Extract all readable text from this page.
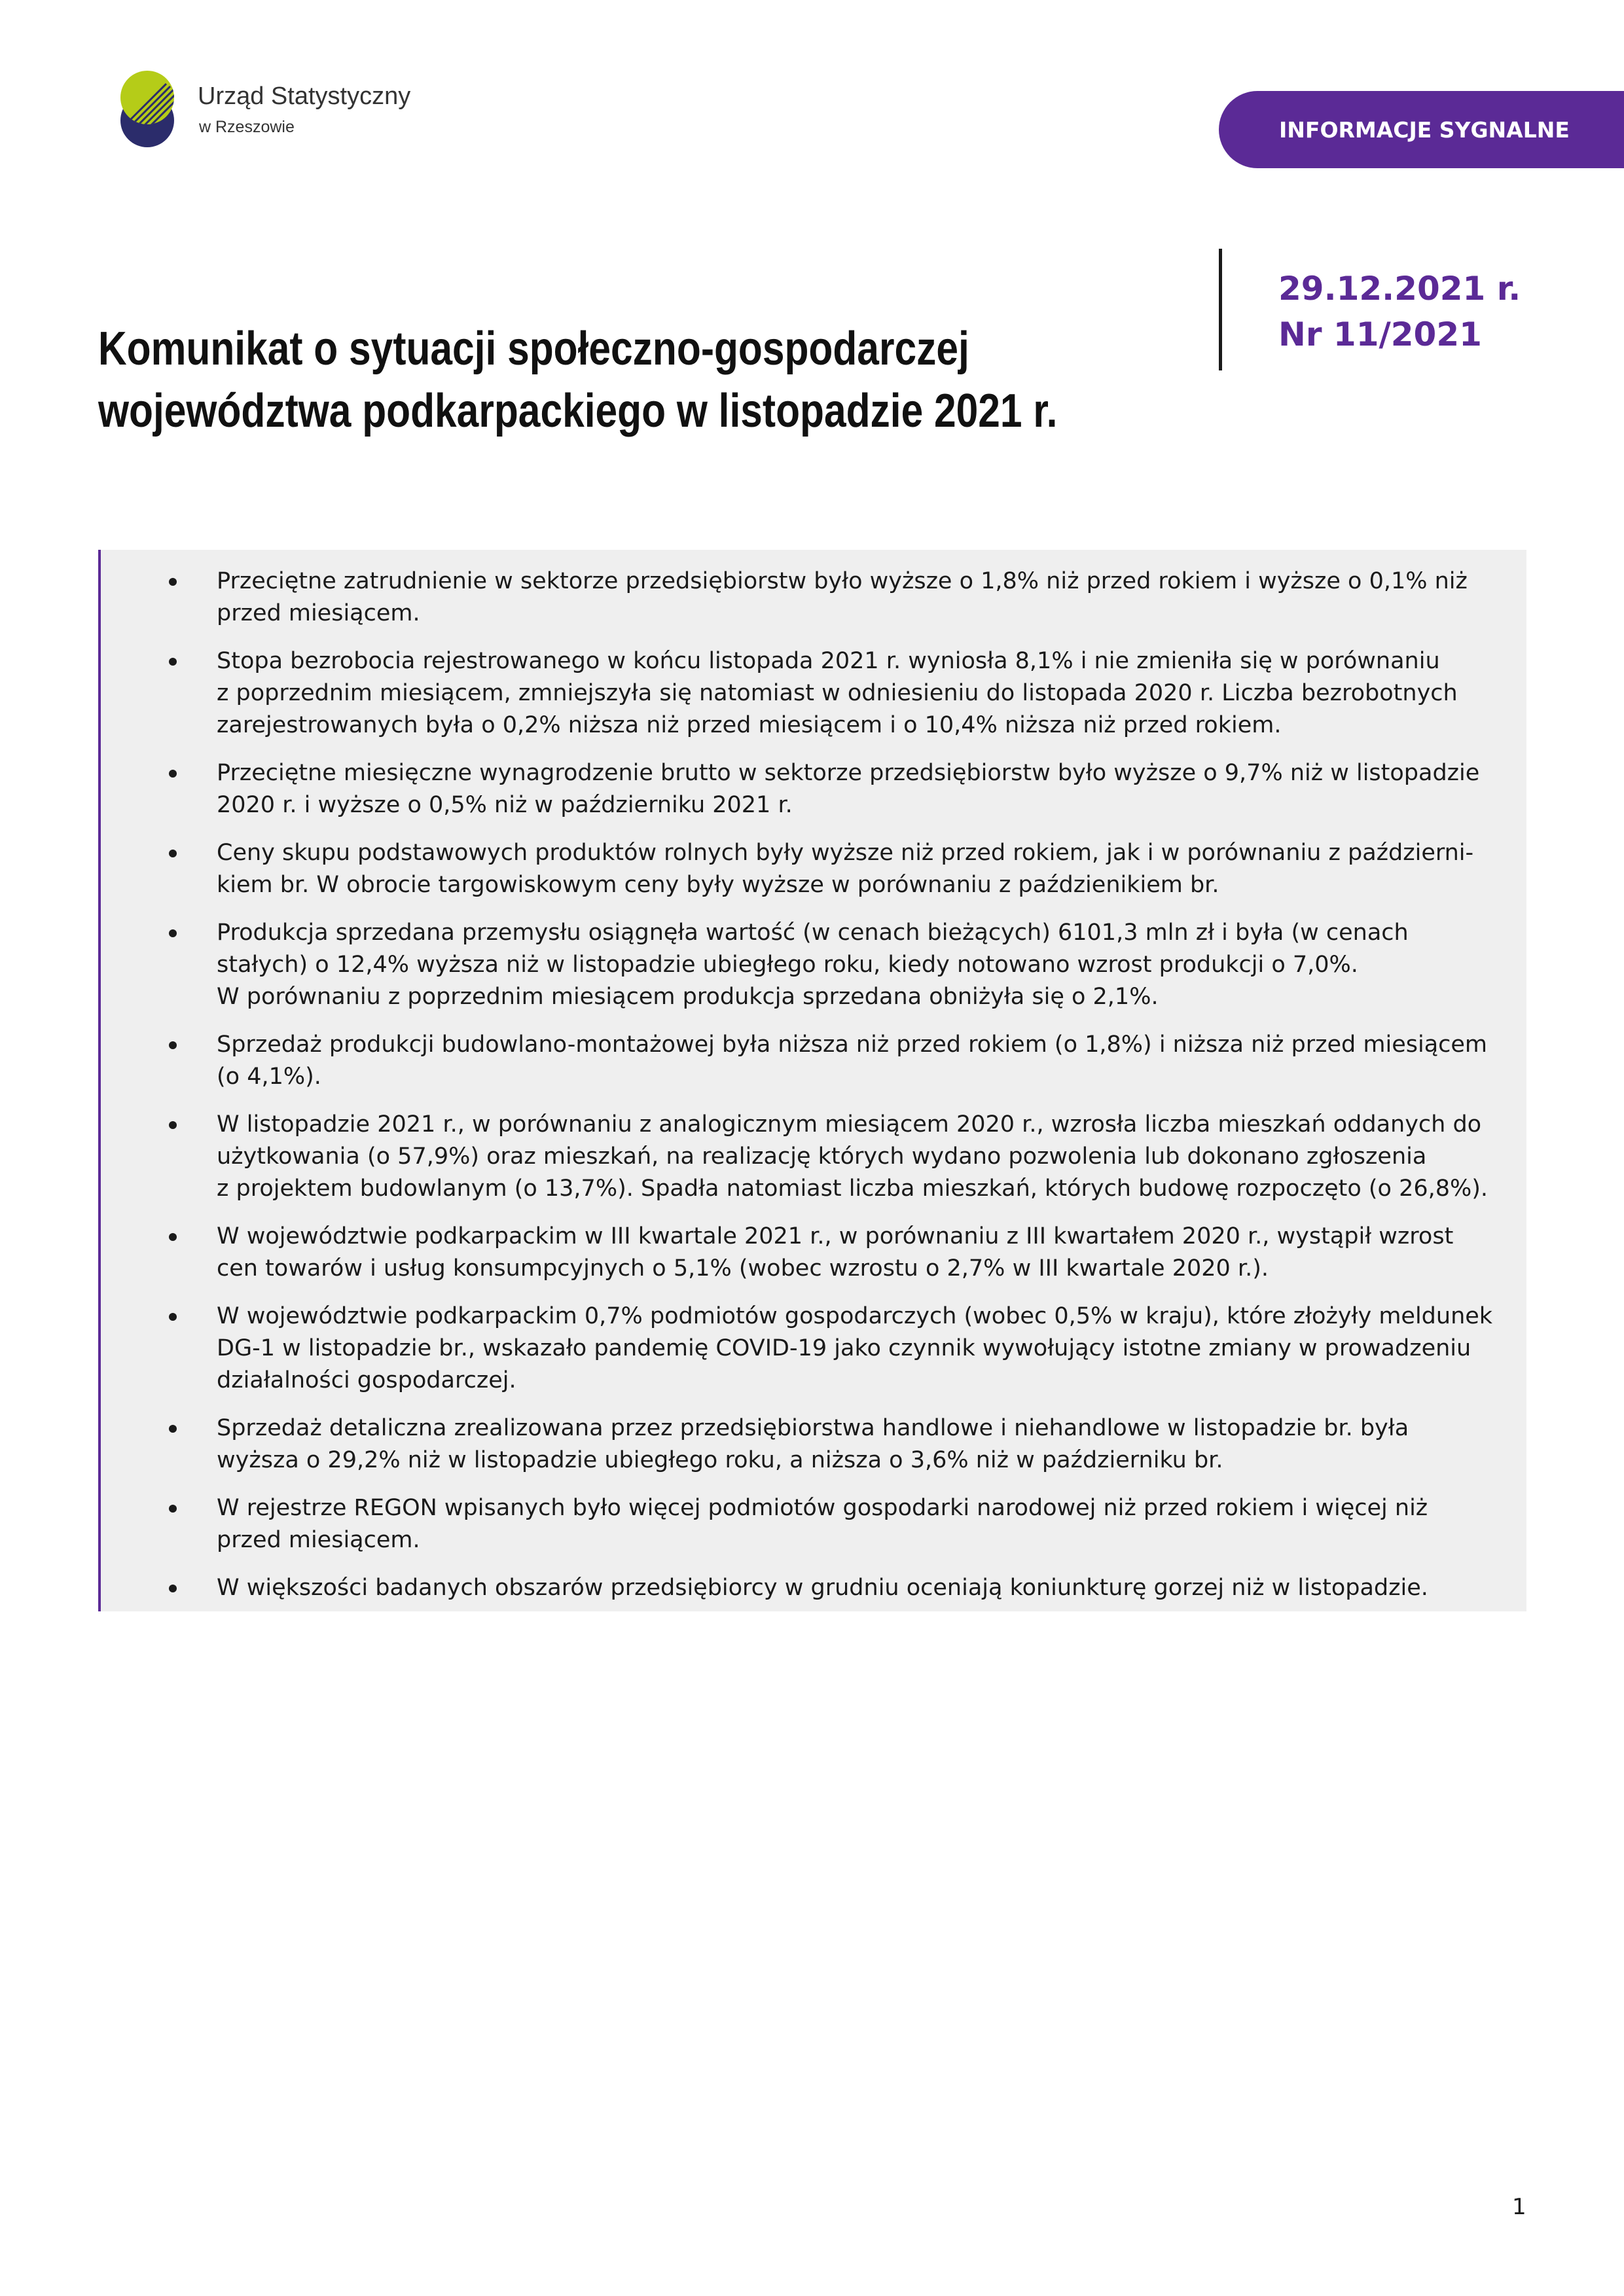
Urząd Statystyczny
w Rzeszowie	INFORMACJE SYGNALNE
29.12.2021 r.
Nr 11/2021
Komunikat o sytuacji społeczno-gospodarczej
województwa podkarpackiego w listopadzie 2021 r.
Przeciętne zatrudnienie w sektorze przedsiębiorstw było wyższe o 1,8% niż przed rokiem i wyższe o 0,1% niż
przed miesiącem.
Stopa bezrobocia rejestrowanego w końcu listopada 2021 r. wyniosła 8,1% i nie zmieniła się w porównaniu
z poprzednim miesiącem, zmniejszyła się natomiast w odniesieniu do listopada 2020 r. Liczba bezrobotnych
zarejestrowanych była o 0,2% niższa niż przed miesiącem i o 10,4% niższa niż przed rokiem.
Przeciętne miesięczne wynagrodzenie brutto w sektorze przedsiębiorstw było wyższe o 9,7% niż w listopadzie
2020 r. i wyższe o 0,5% niż w październiku 2021 r.
Ceny skupu podstawowych produktów rolnych były wyższe niż przed rokiem, jak i w porównaniu z październi-
kiem br. W obrocie targowiskowym ceny były wyższe w porównaniu z paździenikiem br.
Produkcja sprzedana przemysłu osiągnęła wartość (w cenach bieżących) 6101,3 mln zł i była (w cenach
stałych) o 12,4% wyższa niż w listopadzie ubiegłego roku, kiedy notowano wzrost produkcji o 7,0%.
W porównaniu z poprzednim miesiącem produkcja sprzedana obniżyła się o 2,1%.
Sprzedaż produkcji budowlano-montażowej była niższa niż przed rokiem (o 1,8%) i niższa niż przed miesiącem
(o 4,1%).
W listopadzie 2021 r., w porównaniu z analogicznym miesiącem 2020 r., wzrosła liczba mieszkań oddanych do
użytkowania (o 57,9%) oraz mieszkań, na realizację których wydano pozwolenia lub dokonano zgłoszenia
z projektem budowlanym (o 13,7%). Spadła natomiast liczba mieszkań, których budowę rozpoczęto (o 26,8%).
W województwie podkarpackim w III kwartale 2021 r., w porównaniu z III kwartałem 2020 r., wystąpił wzrost
cen towarów i usług konsumpcyjnych o 5,1% (wobec wzrostu o 2,7% w III kwartale 2020 r.).
W województwie podkarpackim 0,7% podmiotów gospodarczych (wobec 0,5% w kraju), które złożyły meldunek
DG-1 w listopadzie br., wskazało pandemię COVID-19 jako czynnik wywołujący istotne zmiany w prowadzeniu
działalności gospodarczej.
Sprzedaż detaliczna zrealizowana przez przedsiębiorstwa handlowe i niehandlowe w listopadzie br. była
wyższa o 29,2% niż w listopadzie ubiegłego roku, a niższa o 3,6% niż w październiku br.
W rejestrze REGON wpisanych było więcej podmiotów gospodarki narodowej niż przed rokiem i więcej niż
przed miesiącem.
W większości badanych obszarów przedsiębiorcy w grudniu oceniają koniunkturę gorzej niż w listopadzie.
1
